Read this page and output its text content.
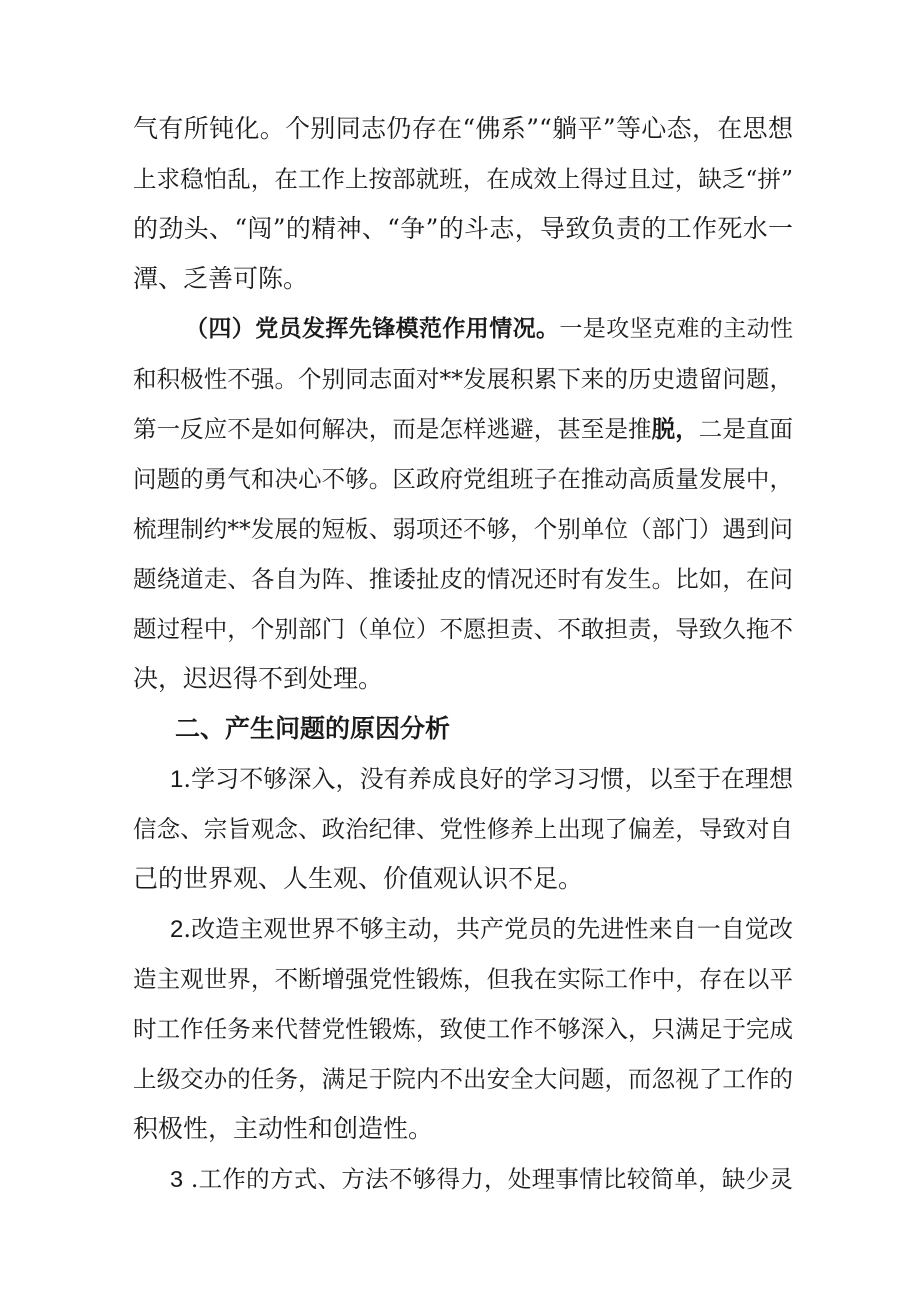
气有所钝化。个别同志仍存在“佛系”“躺平”等心态，在思想
上求稳怕乱，在工作上按部就班，在成效上得过且过，缺乏“拼”
的劲头、“闯”的精神、“争”的斗志，导致负责的工作死水一
潭、乏善可陈。
（四）党员发挥先锋模范作用情况。一是攻坚克难的主动性
和积极性不强。个别同志面对**发展积累下来的历史遗留问题，
第一反应不是如何解决，而是怎样逃避，甚至是推脱，二是直面
问题的勇气和决心不够。区政府党组班子在推动高质量发展中，
梳理制约**发展的短板、弱项还不够，个别单位（部门）遇到问
题绕道走、各自为阵、推诿扯皮的情况还时有发生。比如，在问
题过程中，个别部门（单位）不愿担责、不敢担责，导致久拖不
决，迟迟得不到处理。
二、产生问题的原因分析
1.学习不够深入，没有养成良好的学习习惯，以至于在理想
信念、宗旨观念、政治纪律、党性修养上出现了偏差，导致对自
己的世界观、人生观、价值观认识不足。
2.改造主观世界不够主动，共产党员的先进性来自一自觉改
造主观世界，不断增强党性锻炼，但我在实际工作中，存在以平
时工作任务来代替党性锻炼，致使工作不够深入，只满足于完成
上级交办的任务，满足于院内不出安全大问题，而忽视了工作的
积极性，主动性和创造性。
3 .工作的方式、方法不够得力，处理事情比较简单，缺少灵
